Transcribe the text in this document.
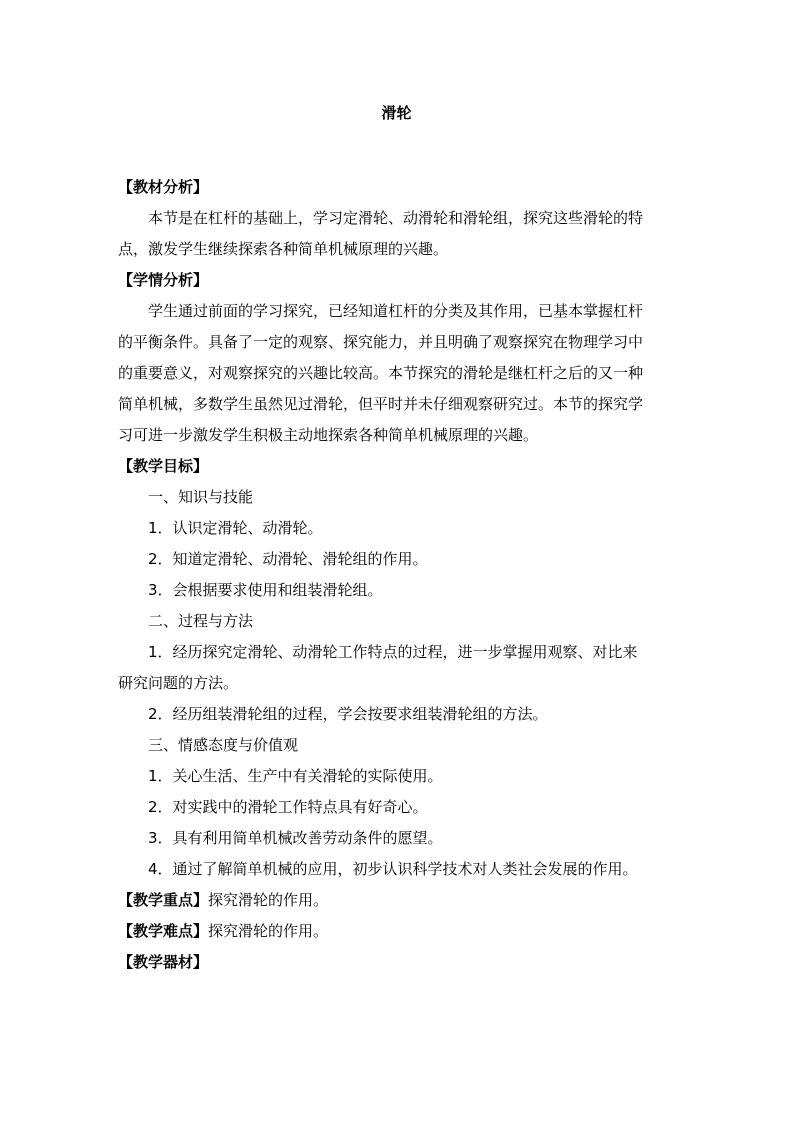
滑轮
【教材分析】
本节是在杠杆的基础上，学习定滑轮、动滑轮和滑轮组，探究这些滑轮的特
点，激发学生继续探索各种简单机械原理的兴趣。
【学情分析】
学生通过前面的学习探究，已经知道杠杆的分类及其作用，已基本掌握杠杆
的平衡条件。具备了一定的观察、探究能力，并且明确了观察探究在物理学习中
的重要意义，对观察探究的兴趣比较高。本节探究的滑轮是继杠杆之后的又一种
简单机械，多数学生虽然见过滑轮，但平时并未仔细观察研究过。本节的探究学
习可进一步激发学生积极主动地探索各种简单机械原理的兴趣。
【教学目标】
一、知识与技能
1．认识定滑轮、动滑轮。
2．知道定滑轮、动滑轮、滑轮组的作用。
3．会根据要求使用和组装滑轮组。
二、过程与方法
1．经历探究定滑轮、动滑轮工作特点的过程，进一步掌握用观察、对比来
研究问题的方法。
2．经历组装滑轮组的过程，学会按要求组装滑轮组的方法。
三、情感态度与价值观
1．关心生活、生产中有关滑轮的实际使用。
2．对实践中的滑轮工作特点具有好奇心。
3．具有利用简单机械改善劳动条件的愿望。
4．通过了解简单机械的应用，初步认识科学技术对人类社会发展的作用。
【教学重点】探究滑轮的作用。
【教学难点】探究滑轮的作用。
【教学器材】
